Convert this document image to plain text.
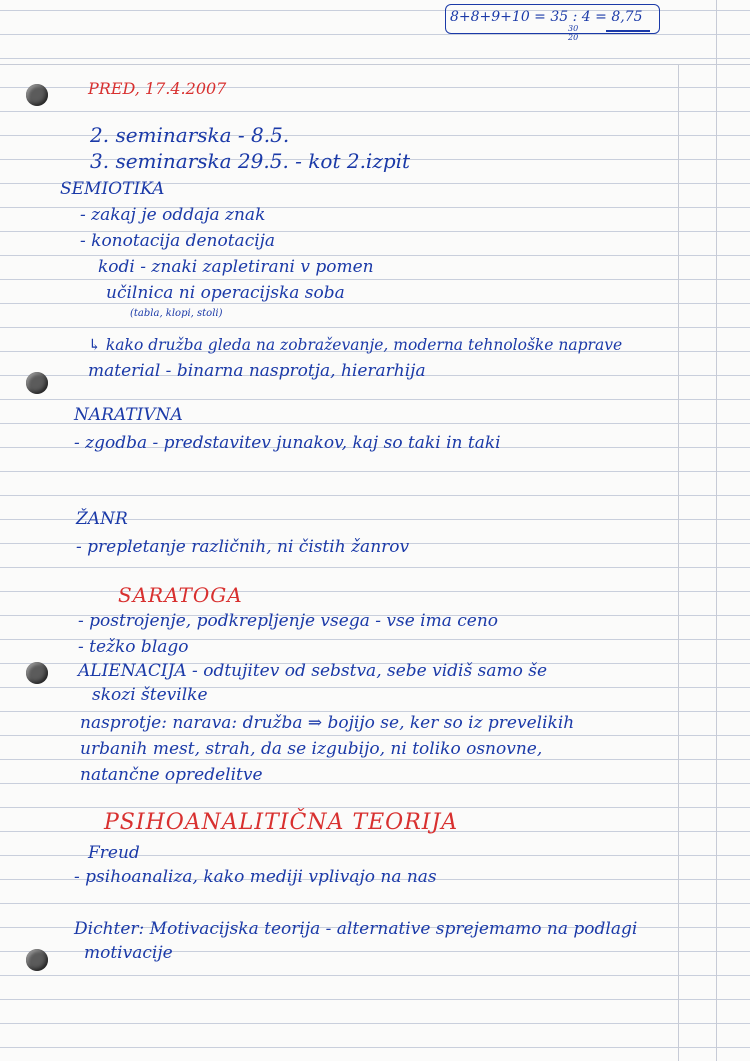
8+8+9+10 = 35 : 4 = 8,75

30

20

PRED, 17.4.2007

2. seminarska - 8.5.

3. seminarska 29.5. - kot 2.izpit

SEMIOTIKA

- zakaj je oddaja znak

- konotacija denotacija

kodi - znaki zapletirani v pomen

učilnica ni operacijska soba

(tabla, klopi, stoli)

↳ kako družba gleda na zobraževanje, moderna tehnološke naprave

material - binarna nasprotja, hierarhija

NARATIVNA

- zgodba - predstavitev junakov, kaj so taki in taki

ŽANR

- prepletanje različnih, ni čistih žanrov

SARATOGA

- postrojenje, podkrepljenje vsega - vse ima ceno

- težko blago

ALIENACIJA - odtujitev od sebstva, sebe vidiš samo še

skozi številke

nasprotje: narava: družba ⇒ bojijo se, ker so iz prevelikih

urbanih mest, strah, da se izgubijo, ni toliko osnovne,

natančne opredelitve

PSIHOANALITIČNA TEORIJA

Freud

- psihoanaliza, kako mediji vplivajo na nas

Dichter: Motivacijska teorija - alternative sprejemamo na podlagi

motivacije
